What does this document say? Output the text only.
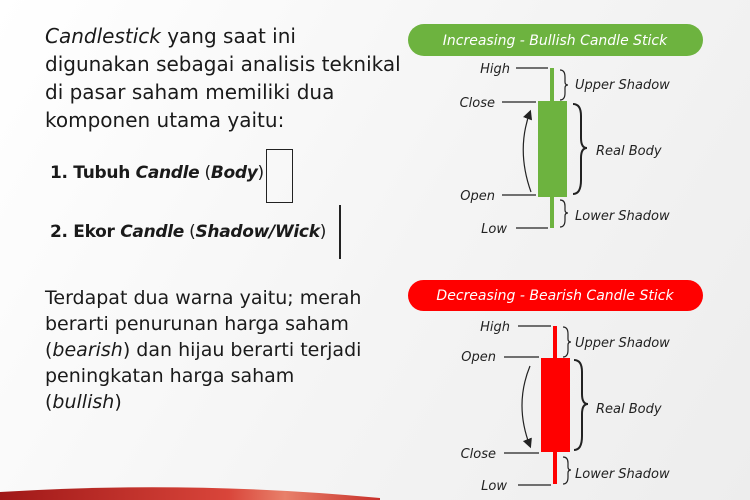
Candlestick yang saat ini digunakan sebagai analisis teknikal di pasar saham memiliki dua komponen utama yaitu:
1. Tubuh Candle (Body)
2. Ekor Candle (Shadow/Wick)
Terdapat dua warna yaitu; merah berarti penurunan harga saham (bearish) dan hijau berarti terjadi peningkatan harga saham (bullish)
Increasing - Bullish Candle Stick
High
Close
Open
Low
Upper Shadow
Real Body
Lower Shadow
Decreasing - Bearish Candle Stick
High
Open
Close
Low
Upper Shadow
Real Body
Lower Shadow
